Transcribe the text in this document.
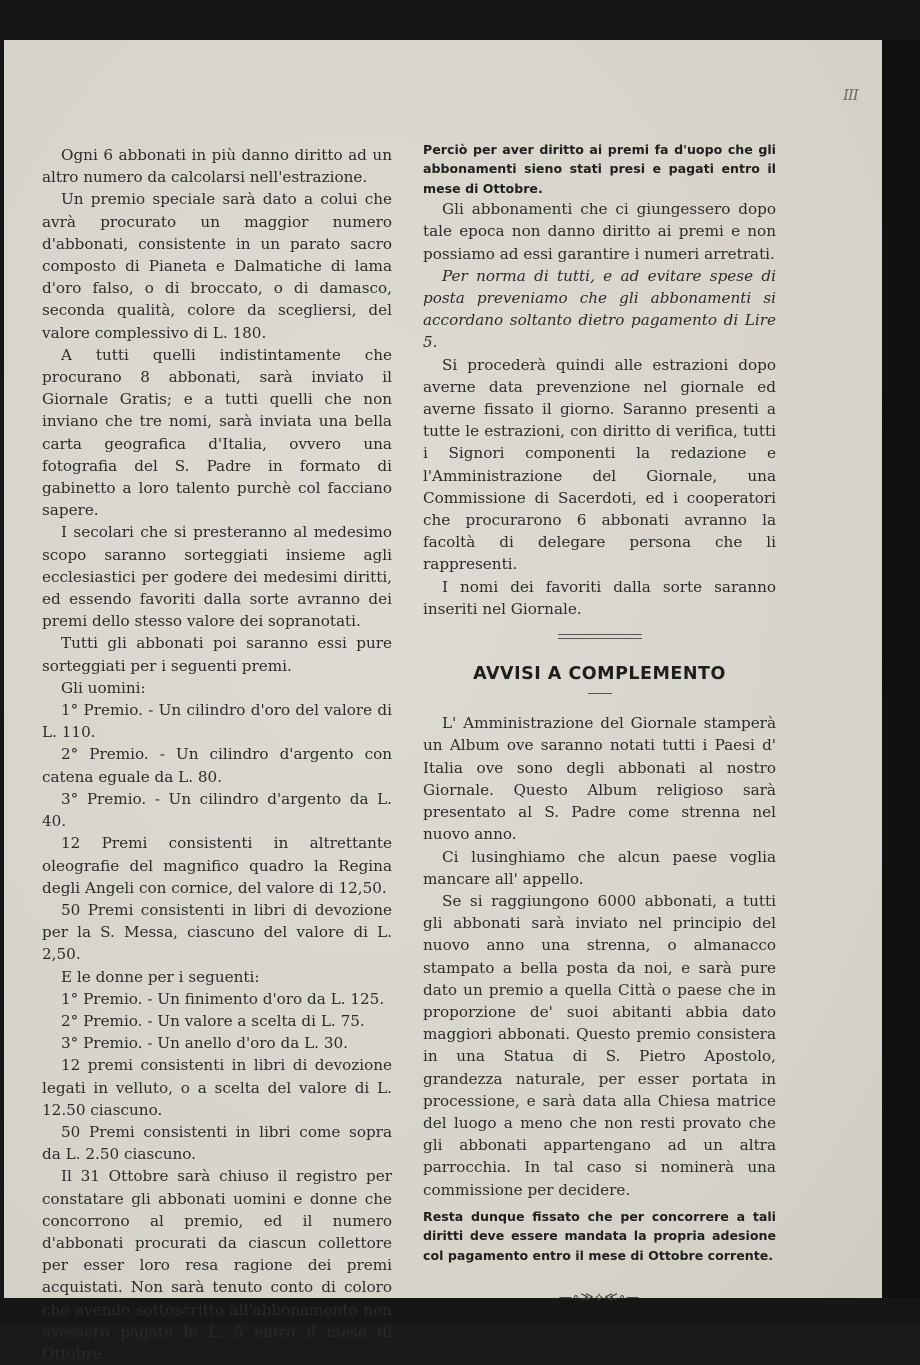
III

Ogni 6 abbonati in più danno diritto ad un altro numero da calcolarsi nell'estrazione.

Un premio speciale sarà dato a colui che avrà procurato un maggior numero d'abbonati, consistente in un parato sacro composto di Pianeta e Dalmatiche di lama d'oro falso, o di broccato, o di damasco, seconda qualità, colore da scegliersi, del valore complessivo di L. 180.

A tutti quelli indistintamente che procurano 8 abbonati, sarà inviato il Giornale Gratis; e a tutti quelli che non inviano che tre nomi, sarà inviata una bella carta geografica d'Italia, ovvero una fotografia del S. Padre in formato di gabinetto a loro talento purchè col facciano sapere.

I secolari che si presteranno al medesimo scopo saranno sorteggiati insieme agli ecclesiastici per godere dei medesimi diritti, ed essendo favoriti dalla sorte avranno dei premi dello stesso valore dei sopranotati.

Tutti gli abbonati poi saranno essi pure sorteggiati per i seguenti premi.

Gli uomini:

1° Premio. - Un cilindro d'oro del valore di L. 110.

2° Premio. - Un cilindro d'argento con catena eguale da L. 80.

3° Premio. - Un cilindro d'argento da L. 40.

12 Premi consistenti in altrettante oleografie del magnifico quadro la Regina degli Angeli con cornice, del valore di 12,50.

50 Premi consistenti in libri di devozione per la S. Messa, ciascuno del valore di L. 2,50.

E le donne per i seguenti:

1° Premio. - Un finimento d'oro da L. 125.

2° Premio. - Un valore a scelta di L. 75.

3° Premio. - Un anello d'oro da L. 30.

12 premi consistenti in libri di devozione legati in velluto, o a scelta del valore di L. 12.50 ciascuno.

50 Premi consistenti in libri come sopra da L. 2.50 ciascuno.

Il 31 Ottobre sarà chiuso il registro per constatare gli abbonati uomini e donne che concorrono al premio, ed il numero d'abbonati procurati da ciascun collettore per esser loro resa ragione dei premi acquistati. Non sarà tenuto conto di coloro che avendo sottoscritto all'abbonamento non avessero pagate le L. 5 entro il mese di Ottobre.

Perciò per aver diritto ai premi fa d'uopo che gli abbonamenti sieno stati presi e pagati entro il mese di Ottobre.

Gli abbonamenti che ci giungessero dopo tale epoca non danno diritto ai premi e non possiamo ad essi garantire i numeri arretrati.

Per norma di tutti, e ad evitare spese di posta preveniamo che gli abbonamenti si accordano soltanto dietro pagamento di Lire 5.

Si procederà quindi alle estrazioni dopo averne data prevenzione nel giornale ed averne fissato il giorno. Saranno presenti a tutte le estrazioni, con diritto di verifica, tutti i Signori componenti la redazione e l'Amministrazione del Giornale, una Commissione di Sacerdoti, ed i cooperatori che procurarono 6 abbonati avranno la facoltà di delegare persona che li rappresenti.

I nomi dei favoriti dalla sorte saranno inseriti nel Giornale.

AVVISI A COMPLEMENTO

L' Amministrazione del Giornale stamperà un Album ove saranno notati tutti i Paesi d' Italia ove sono degli abbonati al nostro Giornale. Questo Album religioso sarà presentato al S. Padre come strenna nel nuovo anno.

Ci lusinghiamo che alcun paese voglia mancare all' appello.

Se si raggiungono 6000 abbonati, a tutti gli abbonati sarà inviato nel principio del nuovo anno una strenna, o almanacco stampato a bella posta da noi, e sarà pure dato un premio a quella Città o paese che in proporzione de' suoi abitanti abbia dato maggiori abbonati. Questo premio consistera in una Statua di S. Pietro Apostolo, grandezza naturale, per esser portata in processione, e sarà data alla Chiesa matrice del luogo a meno che non resti provato che gli abbonati appartengano ad un altra parrocchia. In tal caso si nominerà una commissione per decidere.

Resta dunque fissato che per concorrere a tali diritti deve essere mandata la propria adesione col pagamento entro il mese di Ottobre corrente.

—∘≫⟡≪∘—
